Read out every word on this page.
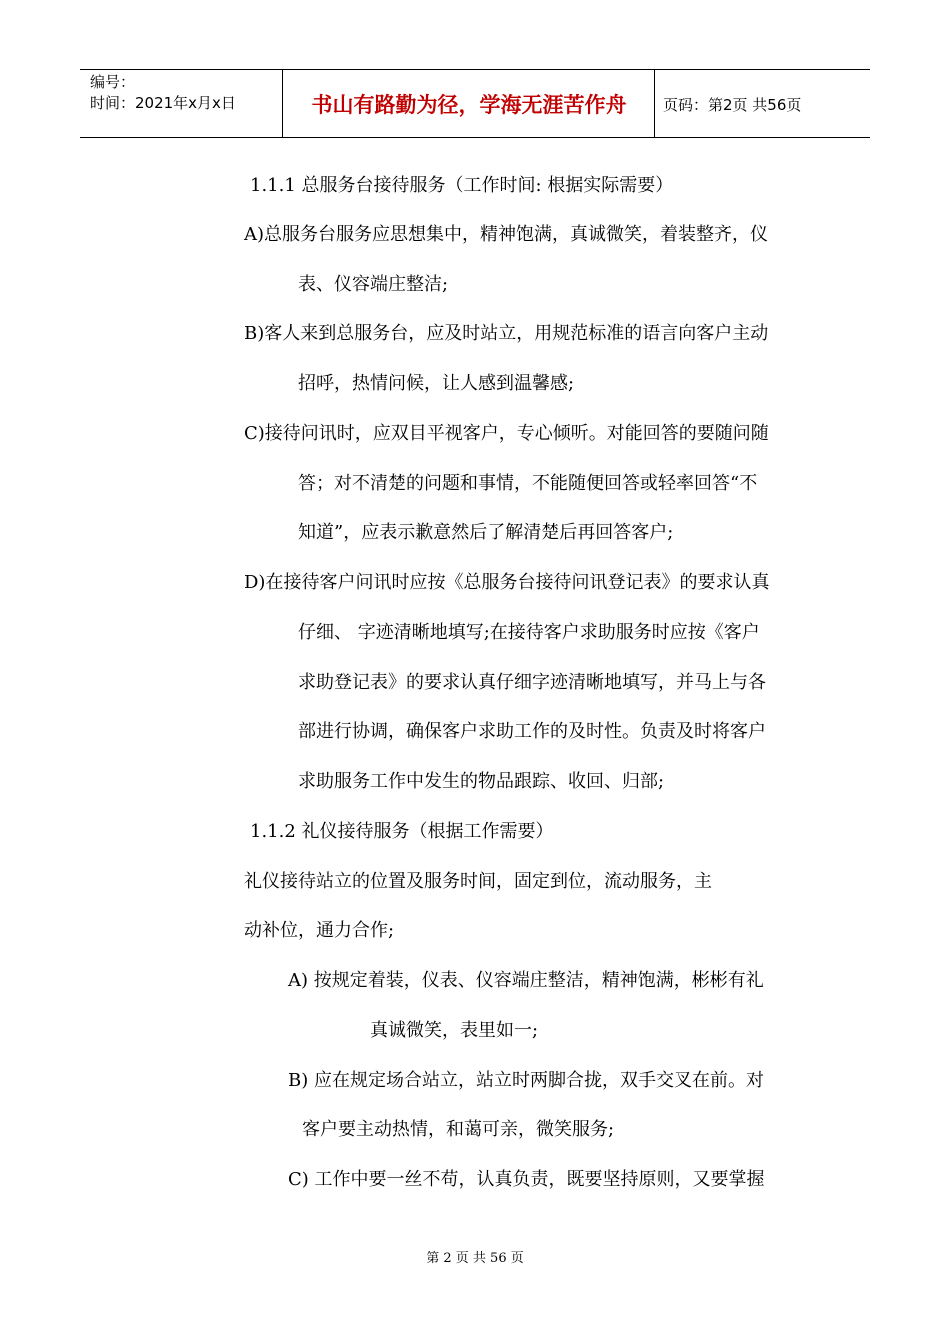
编号：
时间：2021年x月x日	书山有路勤为径，学海无涯苦作舟	页码：第2页 共56页
1.1.1 总服务台接待服务（工作时间: 根据实际需要）
A)总服务台服务应思想集中，精神饱满，真诚微笑，着装整齐，仪
表、仪容端庄整洁;
B)客人来到总服务台，应及时站立，用规范标准的语言向客户主动
招呼，热情问候，让人感到温馨感;
C)接待问讯时，应双目平视客户，专心倾听。对能回答的要随问随
答；对不清楚的问题和事情，不能随便回答或轻率回答“不
知道”，应表示歉意然后了解清楚后再回答客户;
D)在接待客户问讯时应按《总服务台接待问讯登记表》的要求认真
仔细、 字迹清晰地填写;在接待客户求助服务时应按《客户
求助登记表》的要求认真仔细字迹清晰地填写，并马上与各
部进行协调，确保客户求助工作的及时性。负责及时将客户
求助服务工作中发生的物品跟踪、收回、归部;
1.1.2 礼仪接待服务（根据工作需要）
礼仪接待站立的位置及服务时间，固定到位，流动服务，主
动补位，通力合作;
A) 按规定着装，仪表、仪容端庄整洁，精神饱满，彬彬有礼
真诚微笑，表里如一;
B) 应在规定场合站立，站立时两脚合拢，双手交叉在前。对
客户要主动热情，和蔼可亲，微笑服务;
C) 工作中要一丝不苟，认真负责，既要坚持原则，又要掌握
第 2 页 共 56 页
